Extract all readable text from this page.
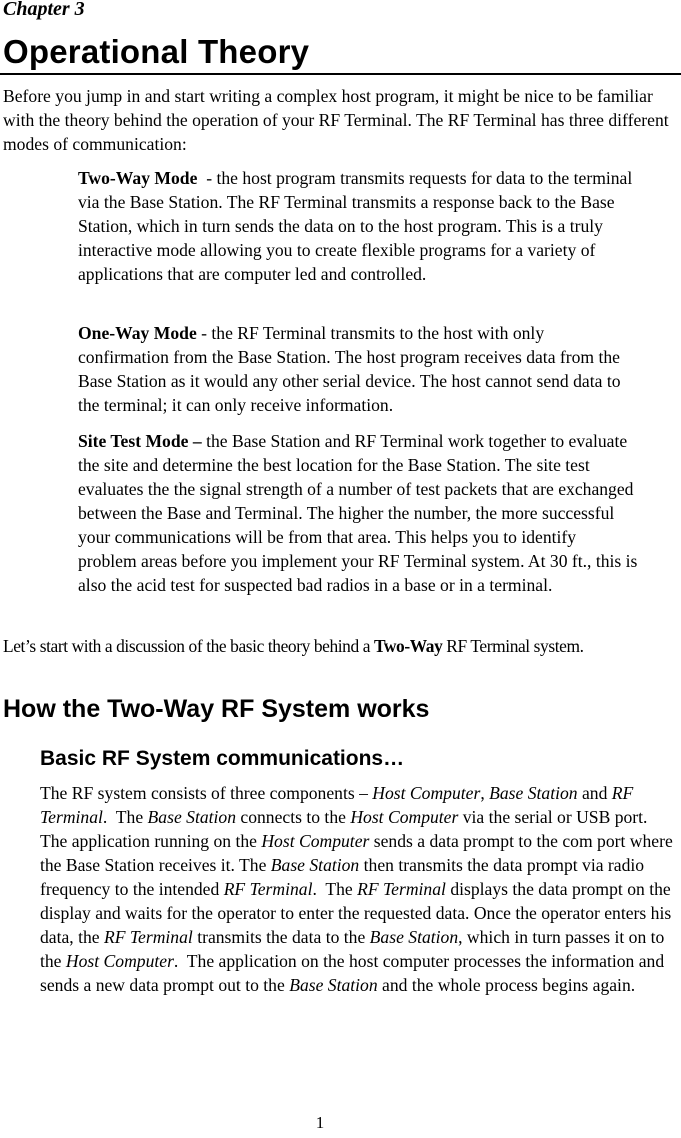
Chapter 3
Operational Theory
Before you jump in and start writing a complex host program, it might be nice to be familiar with the theory behind the operation of your RF Terminal. The RF Terminal has three different modes of communication:
Two-Way Mode  - the host program transmits requests for data to the terminal via the Base Station. The RF Terminal transmits a response back to the Base Station, which in turn sends the data on to the host program. This is a truly interactive mode allowing you to create flexible programs for a variety of applications that are computer led and controlled.
One-Way Mode - the RF Terminal transmits to the host with only confirmation from the Base Station. The host program receives data from the Base Station as it would any other serial device. The host cannot send data to the terminal; it can only receive information.
Site Test Mode – the Base Station and RF Terminal work together to evaluate the site and determine the best location for the Base Station. The site test evaluates the the signal strength of a number of test packets that are exchanged between the Base and Terminal. The higher the number, the more successful your communications will be from that area. This helps you to identify problem areas before you implement your RF Terminal system. At 30 ft., this is also the acid test for suspected bad radios in a base or in a terminal.
Let’s start with a discussion of the basic theory behind a Two-Way RF Terminal system.
How the Two-Way RF System works
Basic RF System communications…
The RF system consists of three components – Host Computer, Base Station and RF Terminal.  The Base Station connects to the Host Computer via the serial or USB port.  The application running on the Host Computer sends a data prompt to the com port where the Base Station receives it. The Base Station then transmits the data prompt via radio frequency to the intended RF Terminal.  The RF Terminal displays the data prompt on the display and waits for the operator to enter the requested data. Once the operator enters his data, the RF Terminal transmits the data to the Base Station, which in turn passes it on to the Host Computer.  The application on the host computer processes the information and sends a new data prompt out to the Base Station and the whole process begins again.
1
